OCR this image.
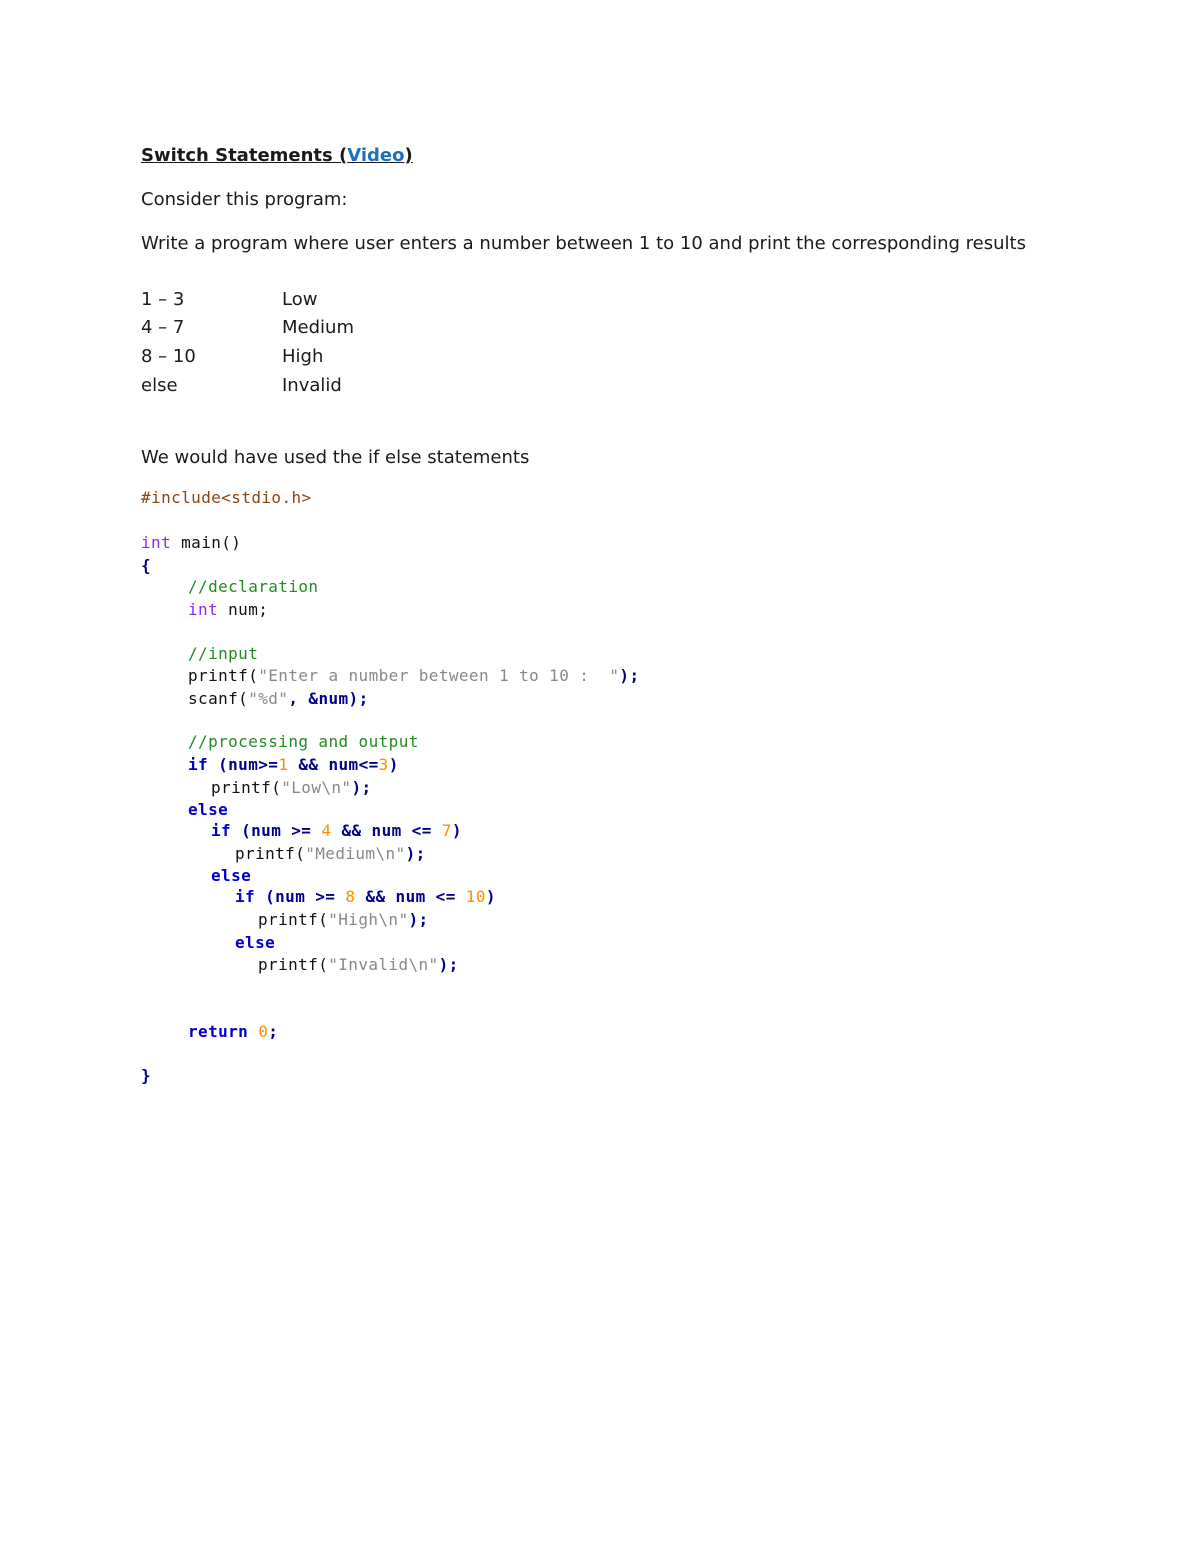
Switch Statements (Video)
Consider this program:
Write a program where user enters a number between 1 to 10 and print the corresponding results
1 – 3	Low
4 – 7	Medium
8 – 10	High
else	Invalid
We would have used the if else statements
#include<stdio.h>
int main()
{
//declaration
int num;
//input
printf("Enter a number between 1 to 10 :  ");
scanf("%d", &num);
//processing and output
if (num>=1 && num<=3)
printf("Low\n");
else
if (num >= 4 && num <= 7)
printf("Medium\n");
else
if (num >= 8 && num <= 10)
printf("High\n");
else
printf("Invalid\n");
return 0;
}
